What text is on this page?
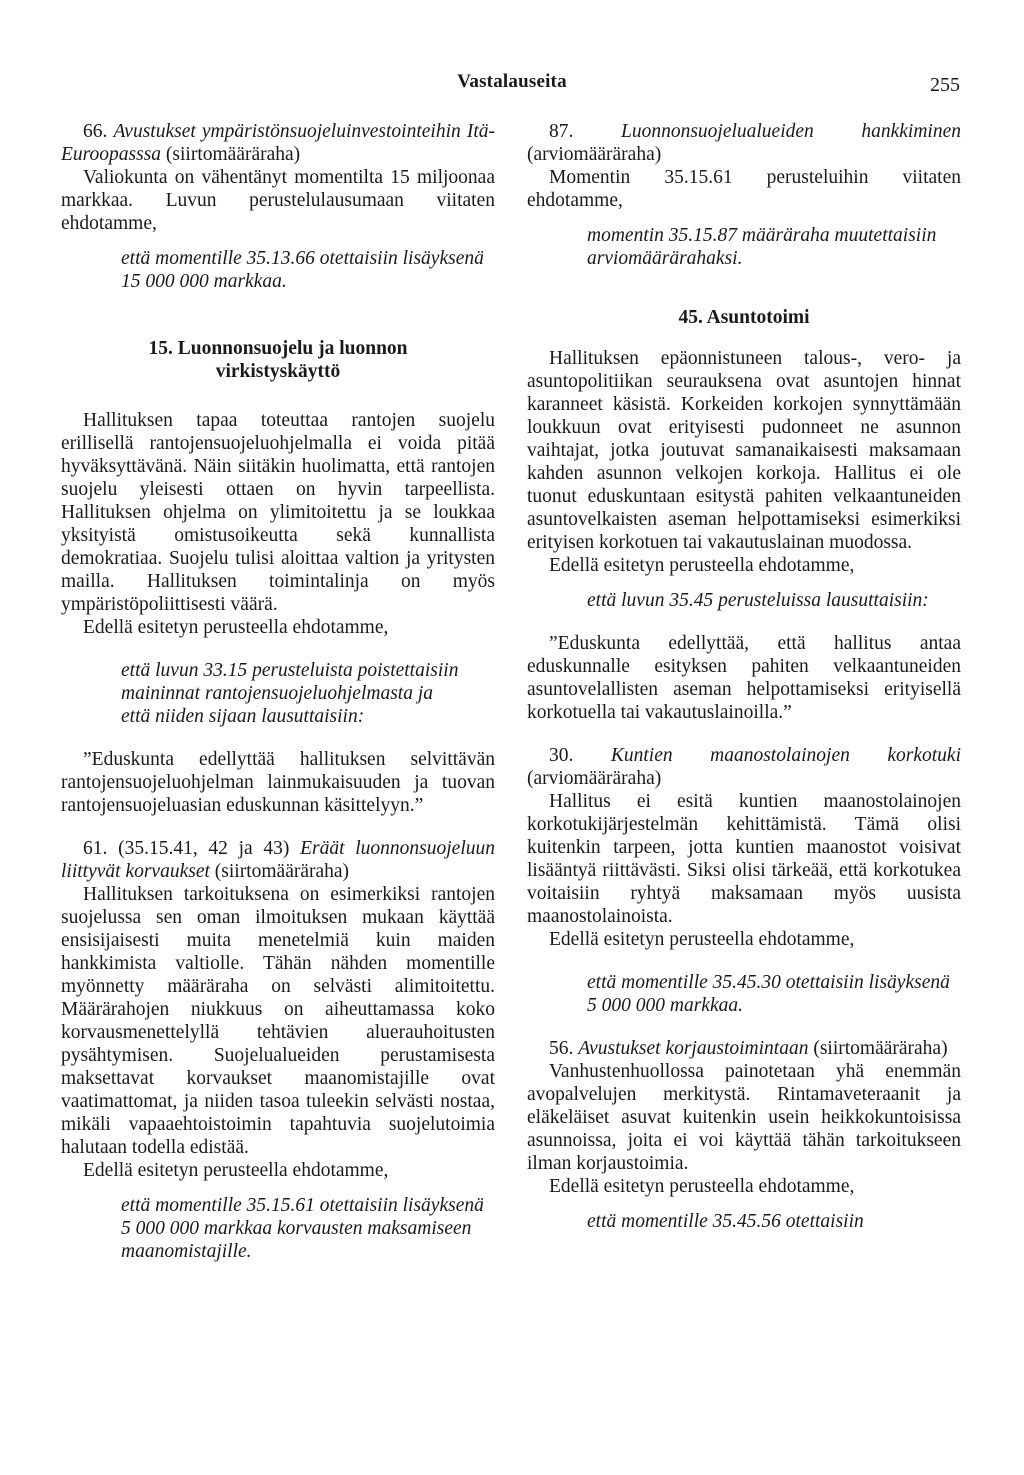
Vastalauseita	255

66. Avustukset ympäristönsuojeluinvestointeihin Itä-Euroopasssa (siirtomääräraha)

Valiokunta on vähentänyt momentilta 15 miljoonaa markkaa. Luvun perustelulausumaan viitaten ehdotamme,

että momentille 35.13.66 otettaisiin lisäyksenä 15 000 000 markkaa.

15. Luonnonsuojelu ja luonnon virkistyskäyttö

Hallituksen tapaa toteuttaa rantojen suojelu erillisellä rantojensuojeluohjelmalla ei voida pitää hyväksyttävänä. Näin siitäkin huolimatta, että rantojen suojelu yleisesti ottaen on hyvin tarpeellista. Hallituksen ohjelma on ylimitoitettu ja se loukkaa yksityistä omistusoikeutta sekä kunnallista demokratiaa. Suojelu tulisi aloittaa valtion ja yritysten mailla. Hallituksen toimintalinja on myös ympäristöpoliittisesti väärä.

Edellä esitetyn perusteella ehdotamme,

että luvun 33.15 perusteluista poistettaisiin maininnat rantojensuojeluohjelmasta ja

että niiden sijaan lausuttaisiin:

”Eduskunta edellyttää hallituksen selvittävän rantojensuojeluohjelman lainmukaisuuden ja tuovan rantojensuojeluasian eduskunnan käsittelyyn.”

61. (35.15.41, 42 ja 43) Eräät luonnonsuojeluun liittyvät korvaukset (siirtomääräraha)

Hallituksen tarkoituksena on esimerkiksi rantojen suojelussa sen oman ilmoituksen mukaan käyttää ensisijaisesti muita menetelmiä kuin maiden hankkimista valtiolle. Tähän nähden momentille myönnetty määräraha on selvästi alimitoitettu. Määrärahojen niukkuus on aiheuttamassa koko korvausmenettelyllä tehtävien aluerauhoitusten pysähtymisen. Suojelualueiden perustamisesta maksettavat korvaukset maanomistajille ovat vaatimattomat, ja niiden tasoa tuleekin selvästi nostaa, mikäli vapaaehtoistoimin tapahtuvia suojelutoimia halutaan todella edistää.

Edellä esitetyn perusteella ehdotamme,

että momentille 35.15.61 otettaisiin lisäyksenä 5 000 000 markkaa korvausten maksamiseen maanomistajille.

87. Luonnonsuojelualueiden hankkiminen (arviomääräraha)

Momentin 35.15.61 perusteluihin viitaten ehdotamme,

momentin 35.15.87 määräraha muutettaisiin arviomäärärahaksi.

45. Asuntotoimi

Hallituksen epäonnistuneen talous-, vero- ja asuntopolitiikan seurauksena ovat asuntojen hinnat karanneet käsistä. Korkeiden korkojen synnyttämään loukkuun ovat erityisesti pudonneet ne asunnon vaihtajat, jotka joutuvat samanaikaisesti maksamaan kahden asunnon velkojen korkoja. Hallitus ei ole tuonut eduskuntaan esitystä pahiten velkaantuneiden asuntovelkaisten aseman helpottamiseksi esimerkiksi erityisen korkotuen tai vakautuslainan muodossa.

Edellä esitetyn perusteella ehdotamme,

että luvun 35.45 perusteluissa lausuttaisiin:

”Eduskunta edellyttää, että hallitus antaa eduskunnalle esityksen pahiten velkaantuneiden asuntovelallisten aseman helpottamiseksi erityisellä korkotuella tai vakautuslainoilla.”

30. Kuntien maanostolainojen korkotuki (arviomääräraha)

Hallitus ei esitä kuntien maanostolainojen korkotukijärjestelmän kehittämistä. Tämä olisi kuitenkin tarpeen, jotta kuntien maanostot voisivat lisääntyä riittävästi. Siksi olisi tärkeää, että korkotukea voitaisiin ryhtyä maksamaan myös uusista maanostolainoista.

Edellä esitetyn perusteella ehdotamme,

että momentille 35.45.30 otettaisiin lisäyksenä 5 000 000 markkaa.

56. Avustukset korjaustoimintaan (siirtomääräraha)

Vanhustenhuollossa painotetaan yhä enemmän avopalvelujen merkitystä. Rintamaveteraanit ja eläkeläiset asuvat kuitenkin usein heikkokuntoisissa asunnoissa, joita ei voi käyttää tähän tarkoitukseen ilman korjaustoimia.

Edellä esitetyn perusteella ehdotamme,

että momentille 35.45.56 otettaisiin
